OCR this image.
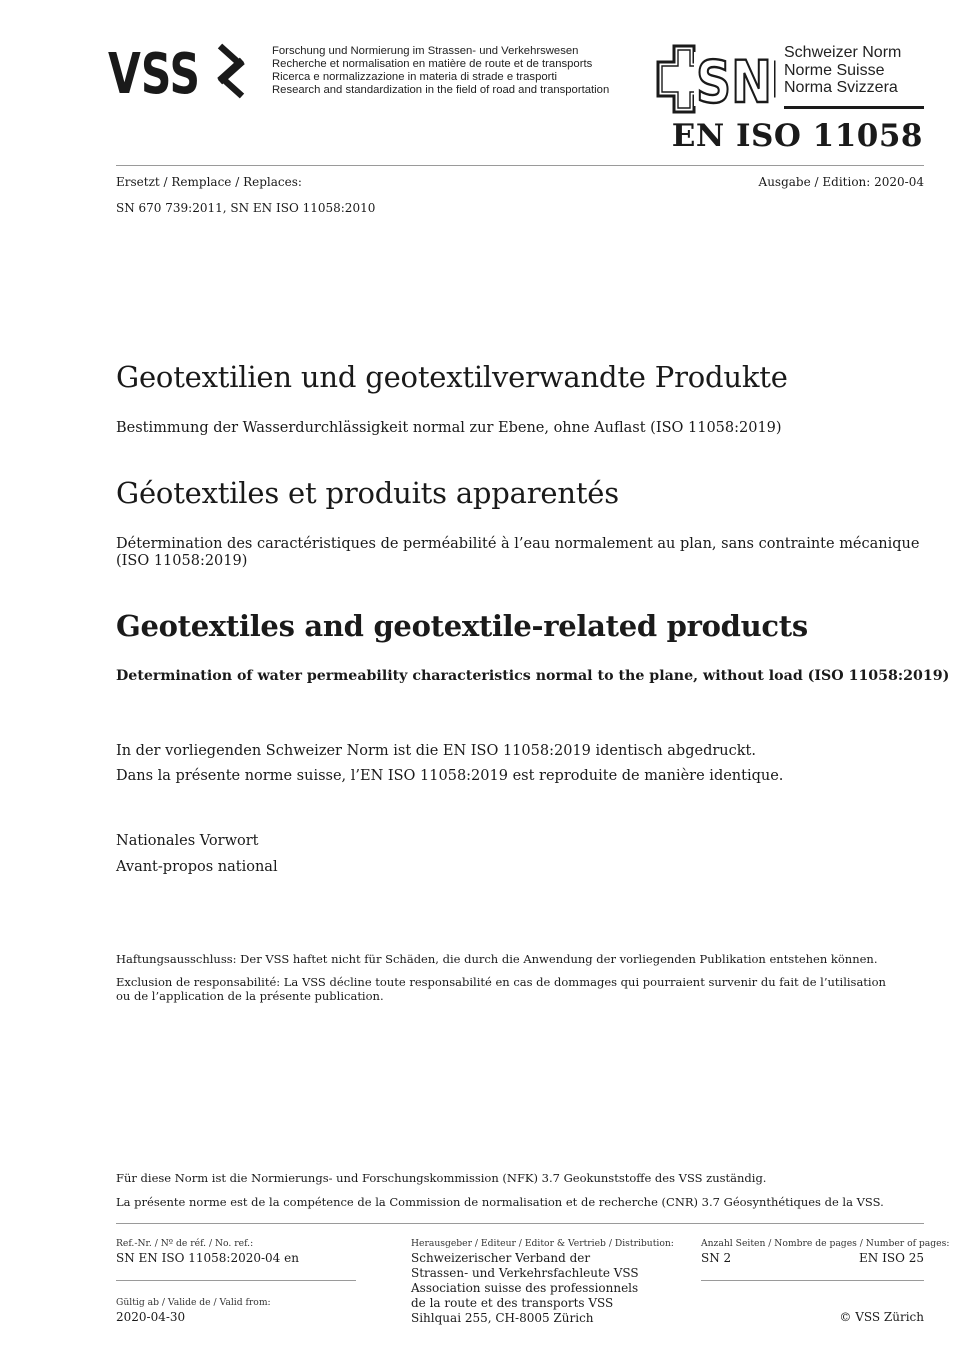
VSS	Forschung und Normierung im Strassen- und Verkehrswesen
Recherche et normalisation en matière de route et de transports
Ricerca e normalizzazione in materia di strade e trasporti
Research and standardization in the field of road and transportation SN Schweizer Norm
Norme Suisse
Norma Svizzera
EN ISO 11058
Ersetzt / Remplace / Replaces:	Ausgabe / Edition: 2020-04
SN 670 739:2011, SN EN ISO 11058:2010
Geotextilien und geotextilverwandte Produkte
Bestimmung der Wasserdurchlässigkeit normal zur Ebene, ohne Auflast (ISO 11058:2019)
Géotextiles et produits apparentés
Détermination des caractéristiques de perméabilité à l’eau normalement au plan, sans contrainte mécanique
(ISO 11058:2019)
Geotextiles and geotextile-related products
Determination of water permeability characteristics normal to the plane, without load (ISO 11058:2019)
In der vorliegenden Schweizer Norm ist die EN ISO 11058:2019 identisch abgedruckt.
Dans la présente norme suisse, l’EN ISO 11058:2019 est reproduite de manière identique.
Nationales Vorwort
Avant-propos national
Haftungsausschluss: Der VSS haftet nicht für Schäden, die durch die Anwendung der vorliegenden Publikation entstehen können.
Exclusion de responsabilité: La VSS décline toute responsabilité en cas de dommages qui pourraient survenir du fait de l’utilisation
ou de l’application de la présente publication.
Für diese Norm ist die Normierungs- und Forschungskommission (NFK) 3.7 Geokunststoffe des VSS zuständig.
La présente norme est de la compétence de la Commission de normalisation et de recherche (CNR) 3.7 Géosynthétiques de la VSS.
Ref.-Nr. / Nº de réf. / No. ref.:
SN EN ISO 11058:2020-04 en
Gültig ab / Valide de / Valid from:
2020-04-30
Herausgeber / Editeur / Editor & Vertrieb / Distribution:
Schweizerischer Verband der
Strassen- und Verkehrsfachleute VSS
Association suisse des professionnels
de la route et des transports VSS
Sihlquai 255, CH-8005 Zürich
Anzahl Seiten / Nombre de pages / Number of pages:
SN 2	EN ISO 25
© VSS Zürich
